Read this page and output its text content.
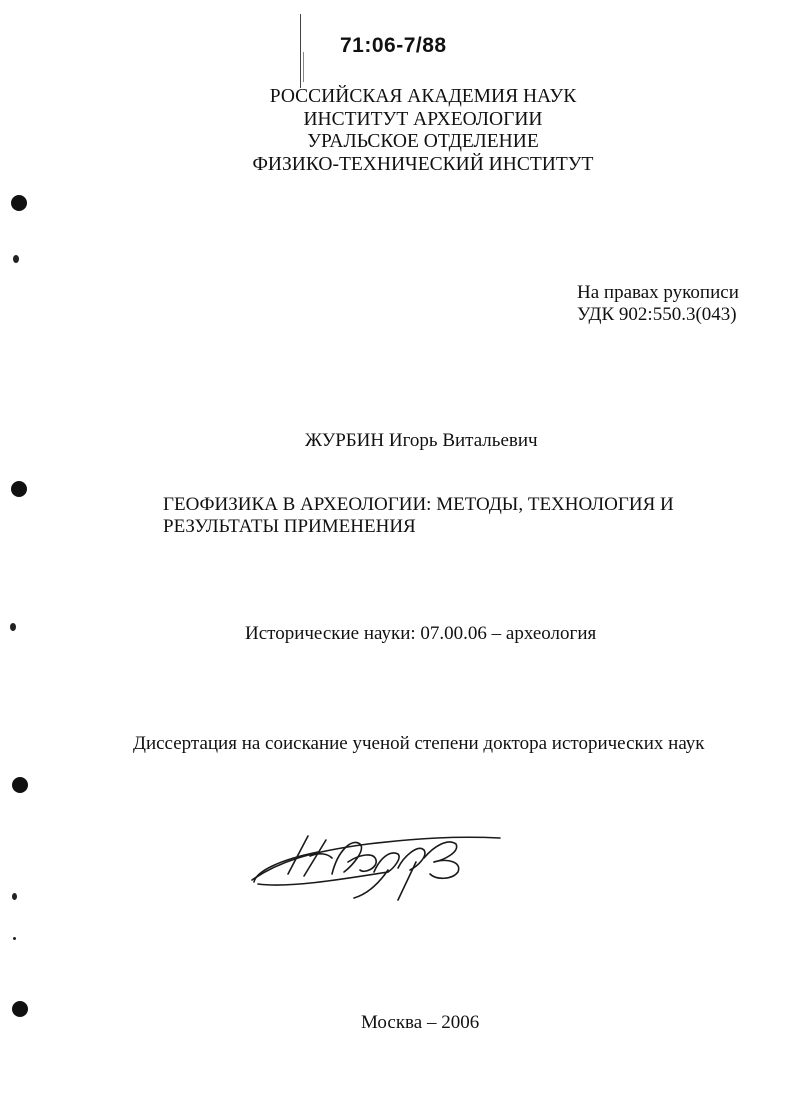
71:06-7/88
РОССИЙСКАЯ АКАДЕМИЯ НАУК
ИНСТИТУТ АРХЕОЛОГИИ
УРАЛЬСКОЕ ОТДЕЛЕНИЕ
ФИЗИКО-ТЕХНИЧЕСКИЙ ИНСТИТУТ
На правах рукописи
УДК 902:550.3(043)
ЖУРБИН Игорь Витальевич
ГЕОФИЗИКА В АРХЕОЛОГИИ: МЕТОДЫ, ТЕХНОЛОГИЯ И
РЕЗУЛЬТАТЫ ПРИМЕНЕНИЯ
Исторические науки: 07.00.06 – археология
Диссертация на соискание ученой степени доктора исторических наук
Москва – 2006
